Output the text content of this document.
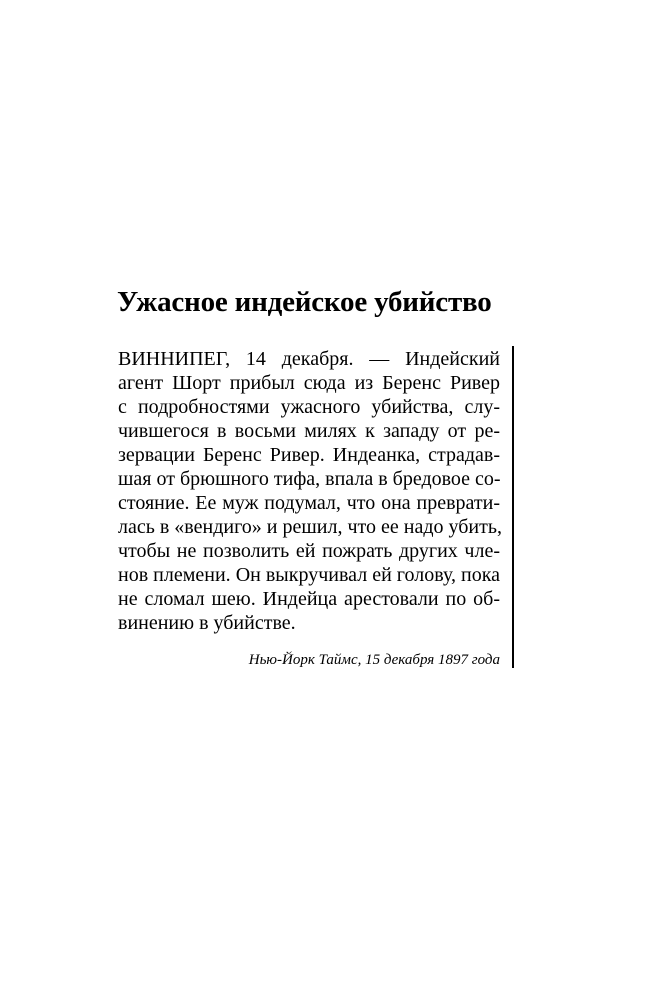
Ужасное индейское убийство
ВИННИПЕГ, 14 декабря. — Индейский
агент Шорт прибыл сюда из Беренс Ривер
с подробностями ужасного убийства, слу-
чившегося в восьми милях к западу от ре-
зервации Беренс Ривер. Индеанка, страдав-
шая от брюшного тифа, впала в бредовое со-
стояние. Ее муж подумал, что она преврати-
лась в «вендиго» и решил, что ее надо убить,
чтобы не позволить ей пожрать других чле-
нов племени. Он выкручивал ей голову, пока
не сломал шею. Индейца арестовали по об-
винению в убийстве.
Нью-Йорк Таймс, 15 декабря 1897 года
